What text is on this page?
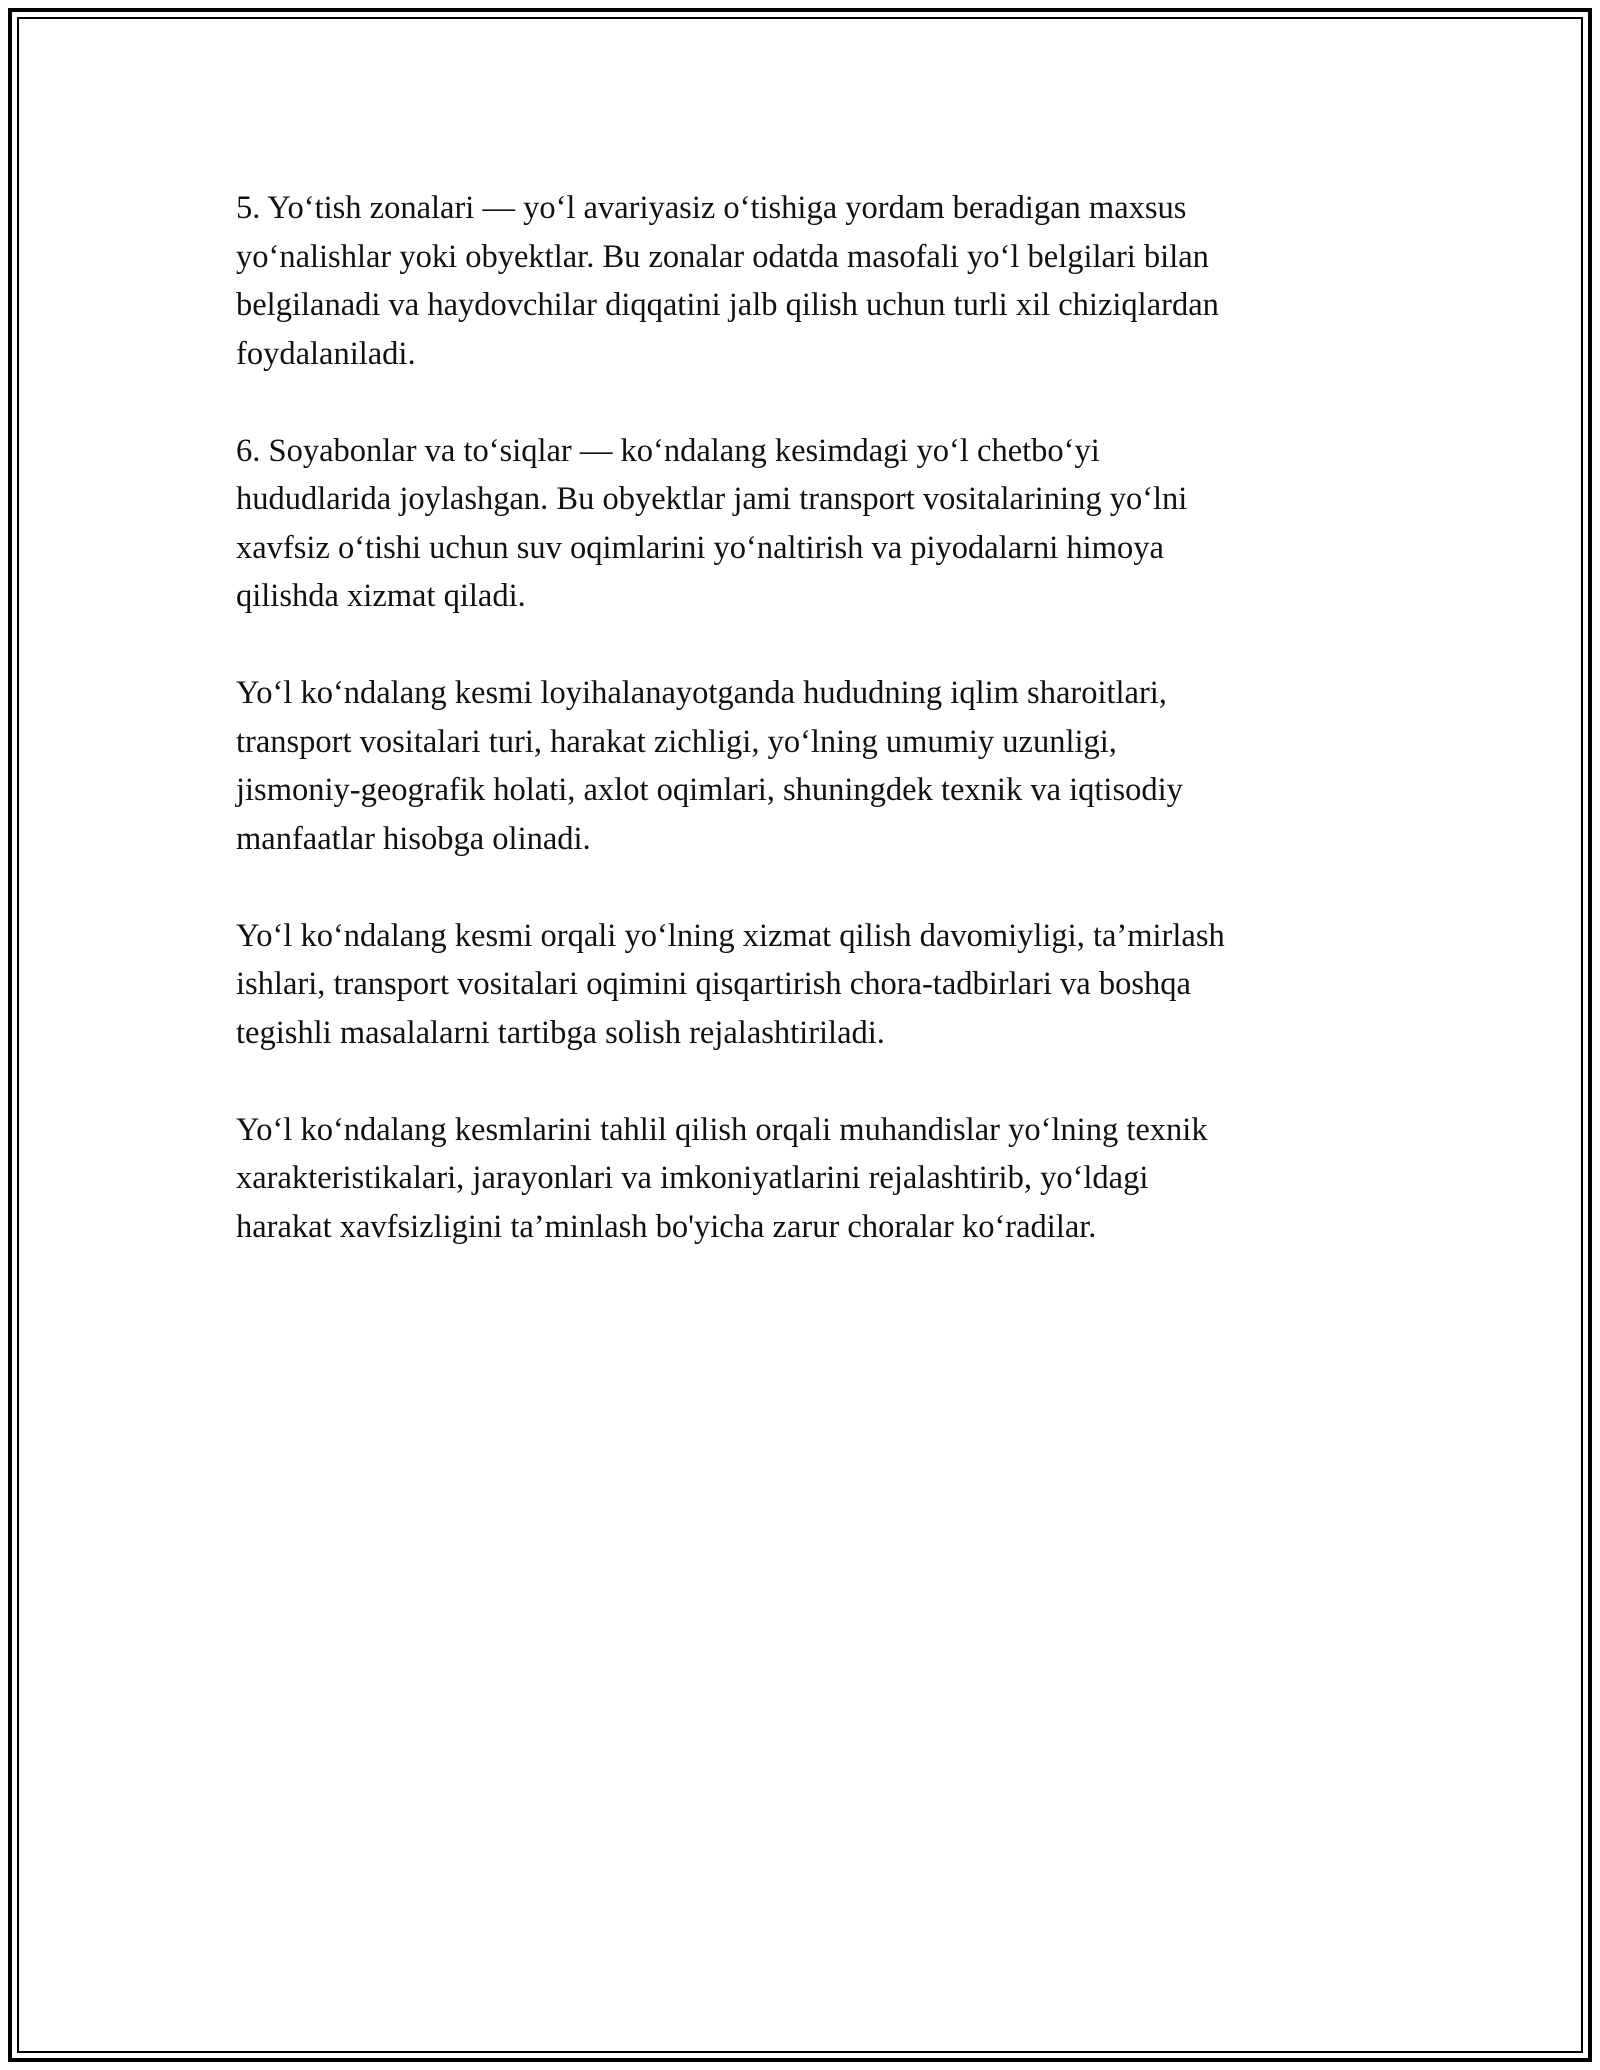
5. Yo‘tish zonalari — yo‘l avariyasiz o‘tishiga yordam beradigan maxsus
yo‘nalishlar yoki obyektlar. Bu zonalar odatda masofali yo‘l belgilari bilan
belgilanadi va haydovchilar diqqatini jalb qilish uchun turli xil chiziqlardan
foydalaniladi.

6. Soyabonlar va to‘siqlar — ko‘ndalang kesimdagi yo‘l chetbo‘yi
hududlarida joylashgan. Bu obyektlar jami transport vositalarining yo‘lni
xavfsiz o‘tishi uchun suv oqimlarini yo‘naltirish va piyodalarni himoya
qilishda xizmat qiladi.

Yo‘l ko‘ndalang kesmi loyihalanayotganda hududning iqlim sharoitlari,
transport vositalari turi, harakat zichligi, yo‘lning umumiy uzunligi,
jismoniy-geografik holati, axlot oqimlari, shuningdek texnik va iqtisodiy
manfaatlar hisobga olinadi.

Yo‘l ko‘ndalang kesmi orqali yo‘lning xizmat qilish davomiyligi, ta’mirlash
ishlari, transport vositalari oqimini qisqartirish chora-tadbirlari va boshqa
tegishli masalalarni tartibga solish rejalashtiriladi.

Yo‘l ko‘ndalang kesmlarini tahlil qilish orqali muhandislar yo‘lning texnik
xarakteristikalari, jarayonlari va imkoniyatlarini rejalashtirib, yo‘ldagi
harakat xavfsizligini ta’minlash bo'yicha zarur choralar ko‘radilar.
